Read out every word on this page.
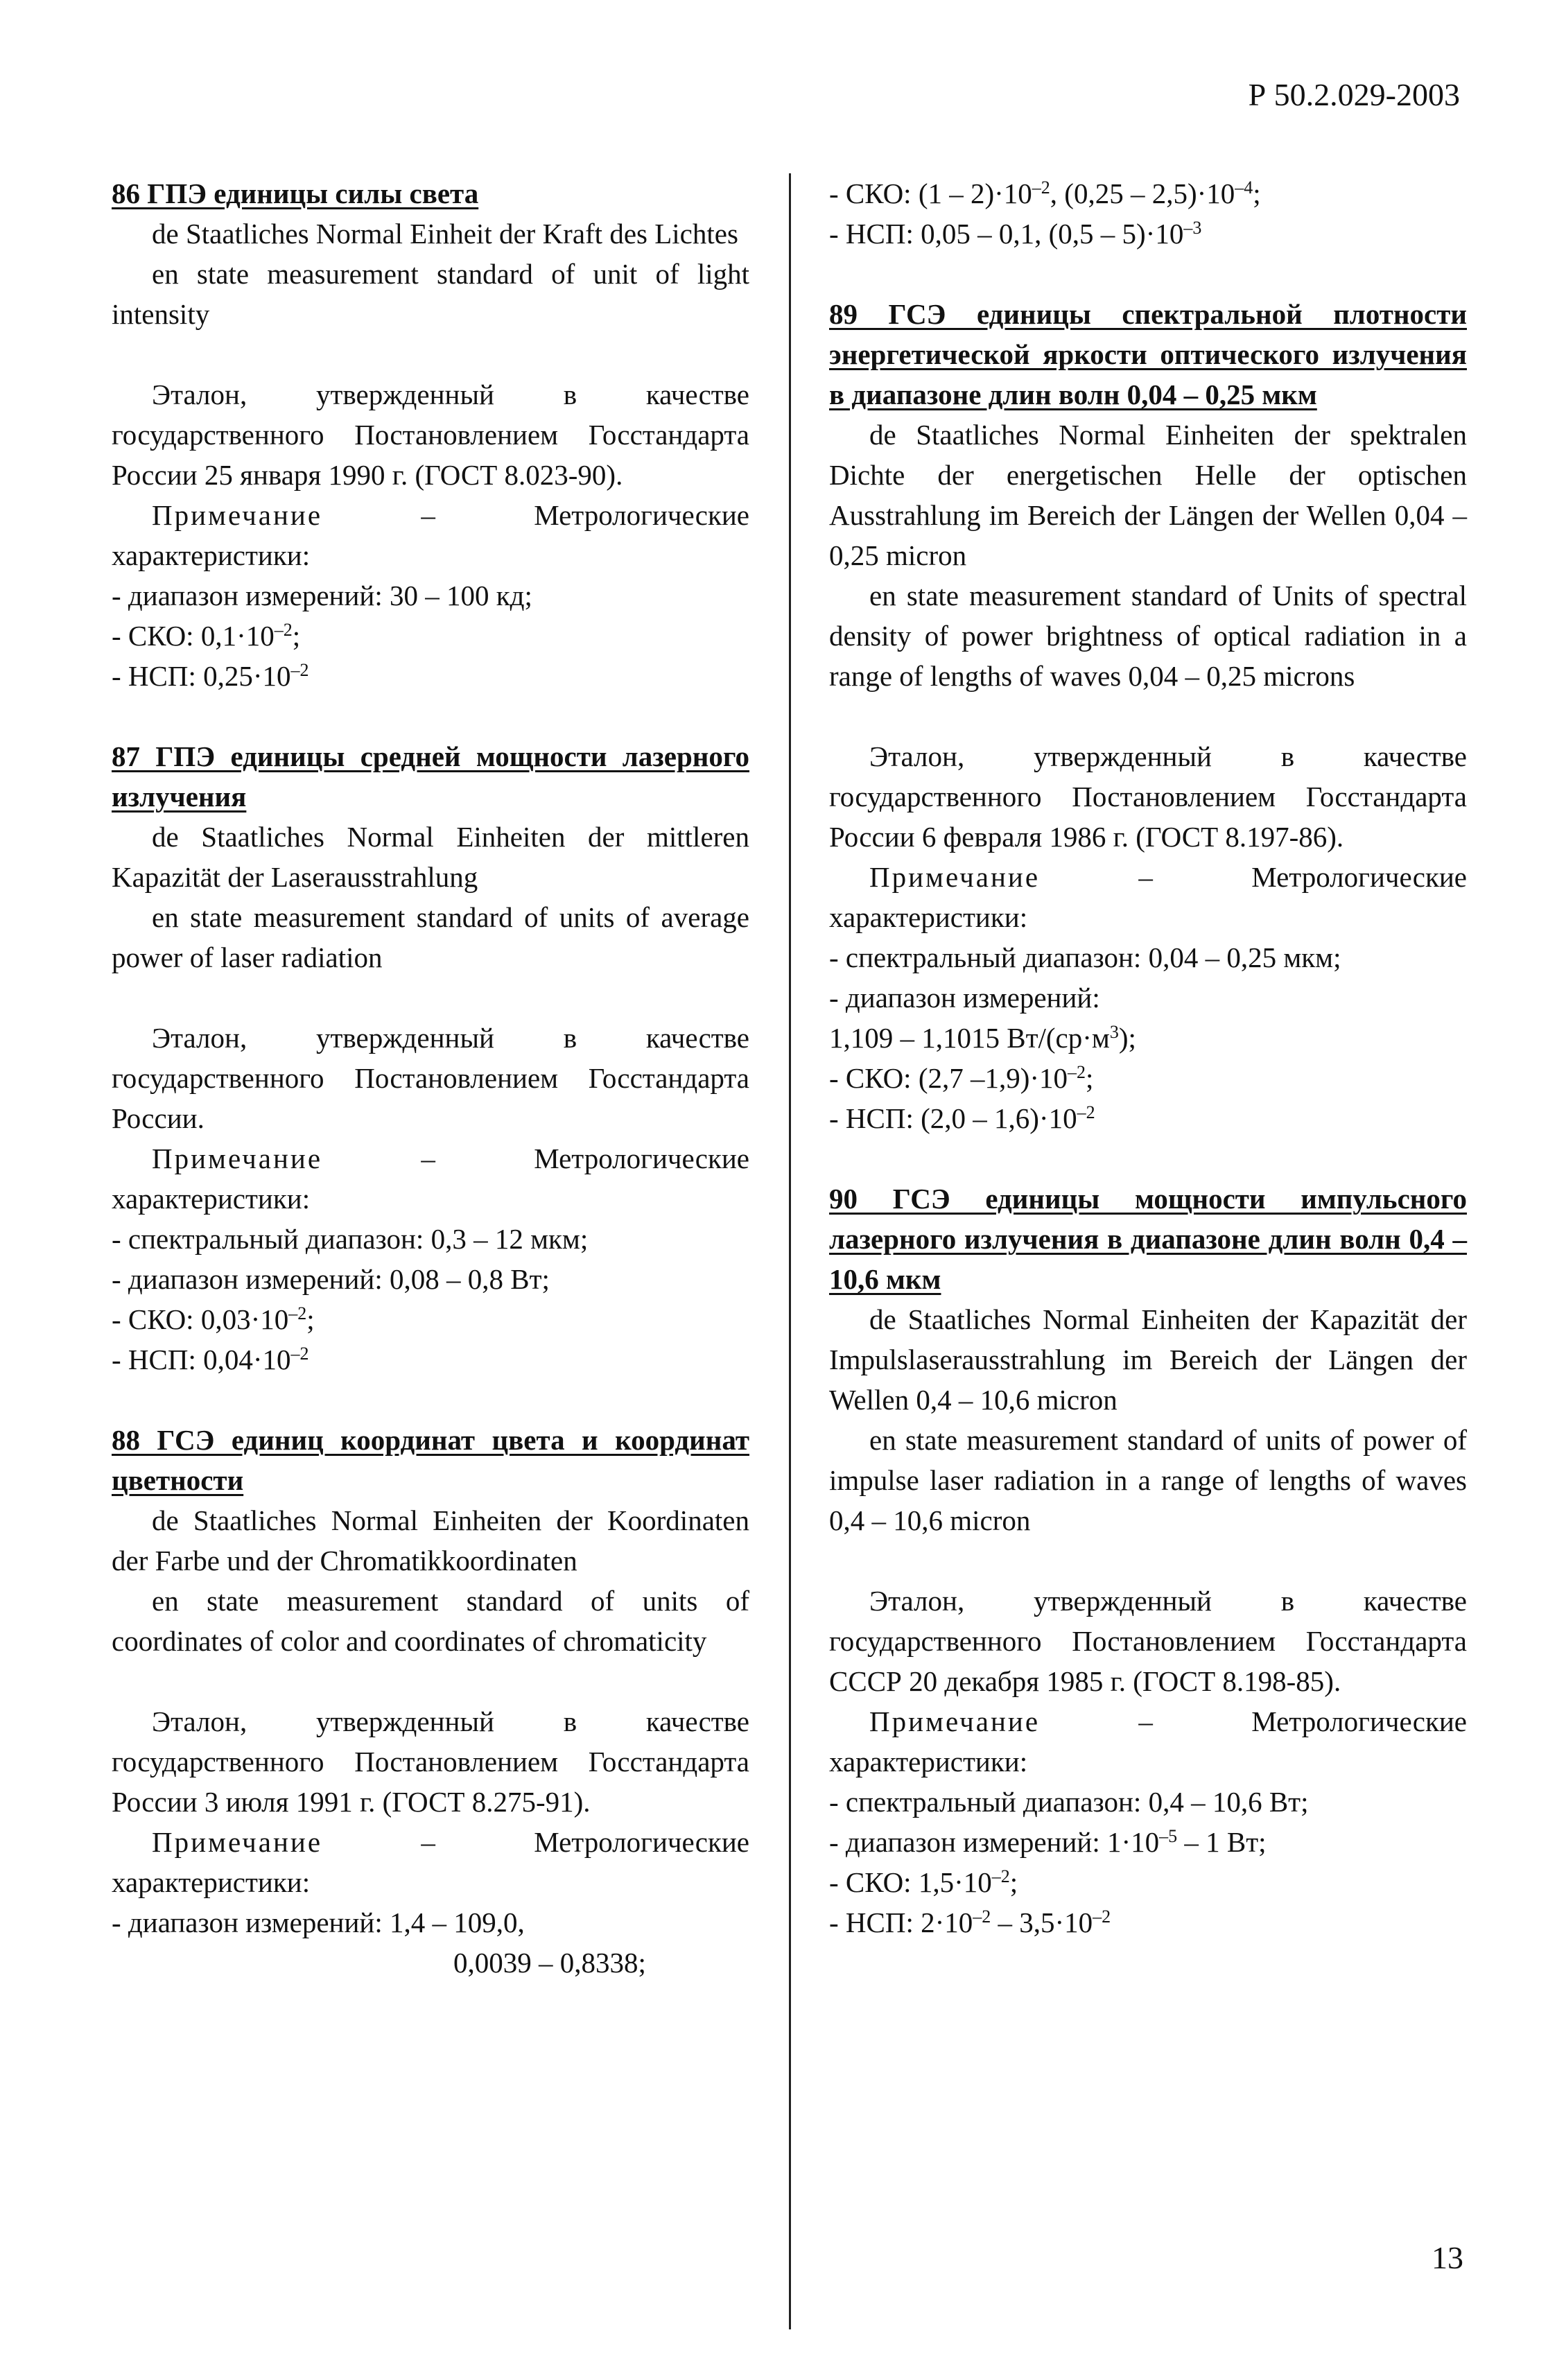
Р 50.2.029-2003
86 ГПЭ единицы силы света

de Staatliches Normal Einheit der Kraft des Lichtes

en state measurement standard of unit of light intensity

Эталон, утвержденный в качестве государственного Постановлением Госстандарта России 25 января 1990 г. (ГОСТ 8.023-90).

Примечание	– Метрологические характеристики:

- диапазон измерений: 30 – 100 кд;

- СКО: $0,1\cdot 10^{-2}$;

- НСП: $0,25\cdot 10^{-2}$

87 ГПЭ единицы средней мощности лазерного излучения

de Staatliches Normal Einheiten der mittleren Kapazität der Laserausstrahlung

en state measurement standard of units of average power of laser radiation

Эталон, утвержденный в качестве государственного Постановлением Госстандарта России.

Примечание	– Метрологические характеристики:

- спектральный диапазон: 0,3 – 12 мкм;

- диапазон измерений: 0,08 – 0,8 Вт;

- СКО: $0,03\cdot 10^{-2}$;

- НСП: $0,04\cdot 10^{-2}$

88 ГСЭ единиц координат цвета и координат цветности

de Staatliches Normal Einheiten der Koordinaten der Farbe und der Chromatikkoordinaten

en state measurement standard of units of coordinates of color and coordinates of chromaticity

Эталон, утвержденный в качестве государственного Постановлением Госстандарта России 3 июля 1991 г. (ГОСТ 8.275-91).

Примечание	– Метрологические характеристики:

- диапазон измерений: 1,4 – 109,0,

0,0039 – 0,8338;

- СКО: $(1 - 2)\cdot 10^{-2}$, $(0,25 - 2,5)\cdot 10^{-4}$;

- НСП: 0,05 – 0,1, $(0,5 - 5)\cdot 10^{-3}$

89 ГСЭ единицы спектральной плотности энергетической яркости оптического излучения в диапазоне длин волн 0,04 – 0,25 мкм

de Staatliches Normal Einheiten der spektralen Dichte der energetischen Helle der optischen Ausstrahlung im Bereich der Längen der Wellen 0,04 – 0,25 micron

en state measurement standard of Units of spectral density of power brightness of optical radiation in a range of lengths of waves 0,04 – 0,25 microns

Эталон, утвержденный в качестве государственного Постановлением Госстандарта России 6 февраля 1986 г. (ГОСТ 8.197-86).

Примечание	– Метрологические характеристики:

- спектральный диапазон: 0,04 – 0,25 мкм;

- диапазон измерений:

1,109 – 1,1015 $Вт/(ср\cdot м^3)$;

- СКО: (2,7 $-1,9)\cdot 10^{-2}$;

- НСП: $(2,0 - 1,6)\cdot 10^{-2}$

90 ГСЭ единицы мощности импульсного лазерного излучения в диапазоне длин волн 0,4 – 10,6 мкм

de Staatliches Normal Einheiten der Kapazität der Impulslaserausstrahlung im Bereich der Längen der Wellen 0,4 – 10,6 micron

en state measurement standard of units of power of impulse laser radiation in a range of lengths of waves 0,4 – 10,6 micron

Эталон, утвержденный в качестве государственного Постановлением Госстандарта СССР 20 декабря 1985 г. (ГОСТ 8.198-85).

Примечание	– Метрологические характеристики:

- спектральный диапазон: 0,4 – 10,6 Вт;

- диапазон измерений: $1\cdot 10^{-5} - 1$ Вт;

- СКО: $1,5\cdot 10^{-2}$;

- НСП: $2\cdot 10^{-2} - 3,5\cdot 10^{-2}$

13
